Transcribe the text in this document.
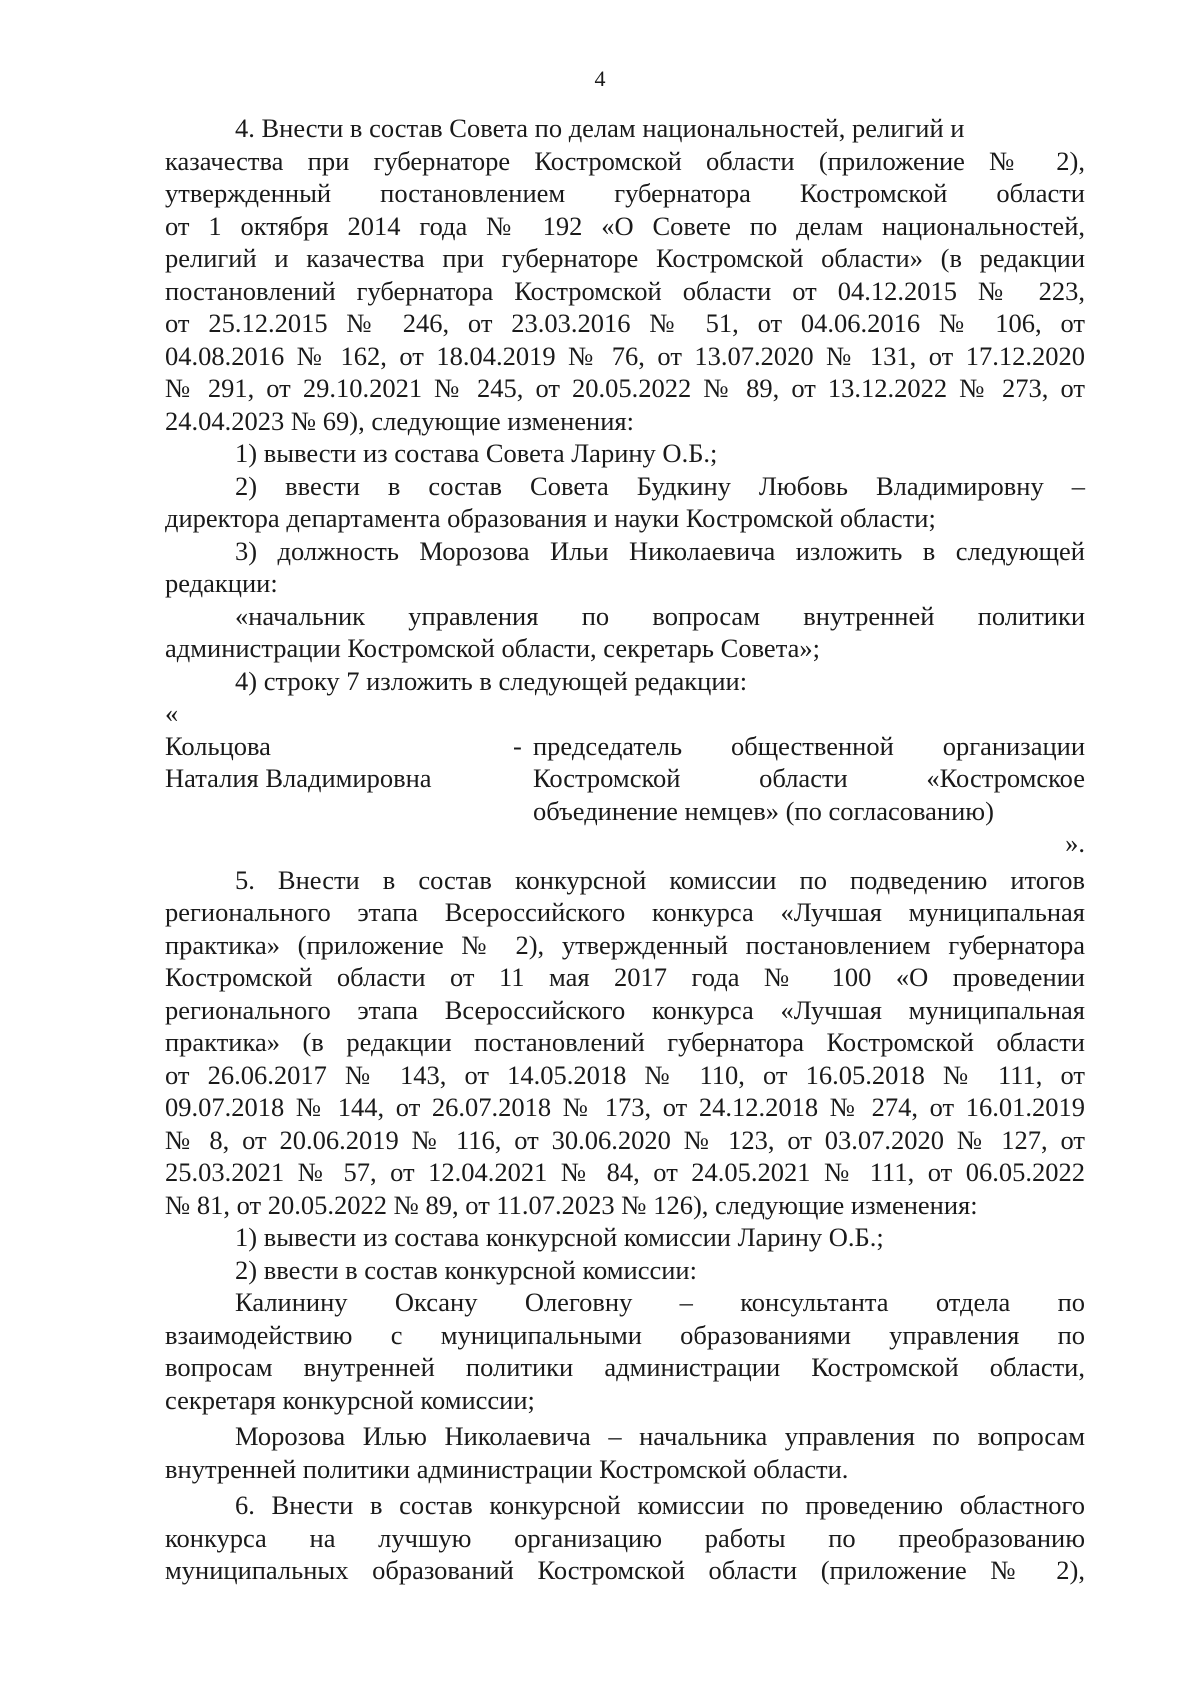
4
4. Внести в состав Совета по делам национальностей, религий и
казачества при губернаторе Костромской области (приложение № 2),
утвержденный постановлением губернатора Костромской области
от 1 октября 2014 года № 192 «О Совете по делам национальностей,
религий и казачества при губернаторе Костромской области» (в редакции
постановлений губернатора Костромской области от 04.12.2015 № 223,
от 25.12.2015 № 246, от 23.03.2016 № 51, от 04.06.2016 № 106, от
04.08.2016 № 162, от 18.04.2019 № 76, от 13.07.2020 № 131, от 17.12.2020
№ 291, от 29.10.2021 № 245, от 20.05.2022 № 89, от 13.12.2022 № 273, от
24.04.2023 № 69), следующие изменения:
1) вывести из состава Совета Ларину О.Б.;
2) ввести в состав Совета Будкину Любовь Владимировну –
директора департамента образования и науки Костромской области;
3) должность Морозова Ильи Николаевича изложить в следующей
редакции:
«начальник управления по вопросам внутренней политики
администрации Костромской области, секретарь Совета»;
4) строку 7 изложить в следующей редакции:
«
Кольцова
Наталия Владимировна
- председатель общественной организации
Костромской области «Костромское
объединение немцев» (по согласованию)
».
5. Внести в состав конкурсной комиссии по подведению итогов
регионального этапа Всероссийского конкурса «Лучшая муниципальная
практика» (приложение № 2), утвержденный постановлением губернатора
Костромской области от 11 мая 2017 года № 100 «О проведении
регионального этапа Всероссийского конкурса «Лучшая муниципальная
практика» (в редакции постановлений губернатора Костромской области
от 26.06.2017 № 143, от 14.05.2018 № 110, от 16.05.2018 № 111, от
09.07.2018 № 144, от 26.07.2018 № 173, от 24.12.2018 № 274, от 16.01.2019
№ 8, от 20.06.2019 № 116, от 30.06.2020 № 123, от 03.07.2020 № 127, от
25.03.2021 № 57, от 12.04.2021 № 84, от 24.05.2021 № 111, от 06.05.2022
№ 81, от 20.05.2022 № 89, от 11.07.2023 № 126), следующие изменения:
1) вывести из состава конкурсной комиссии Ларину О.Б.;
2) ввести в состав конкурсной комиссии:
Калинину Оксану Олеговну – консультанта отдела по
взаимодействию с муниципальными образованиями управления по
вопросам внутренней политики администрации Костромской области,
секретаря конкурсной комиссии;
Морозова Илью Николаевича – начальника управления по вопросам
внутренней политики администрации Костромской области.
6. Внести в состав конкурсной комиссии по проведению областного
конкурса на лучшую организацию работы по преобразованию
муниципальных образований Костромской области (приложение № 2),
